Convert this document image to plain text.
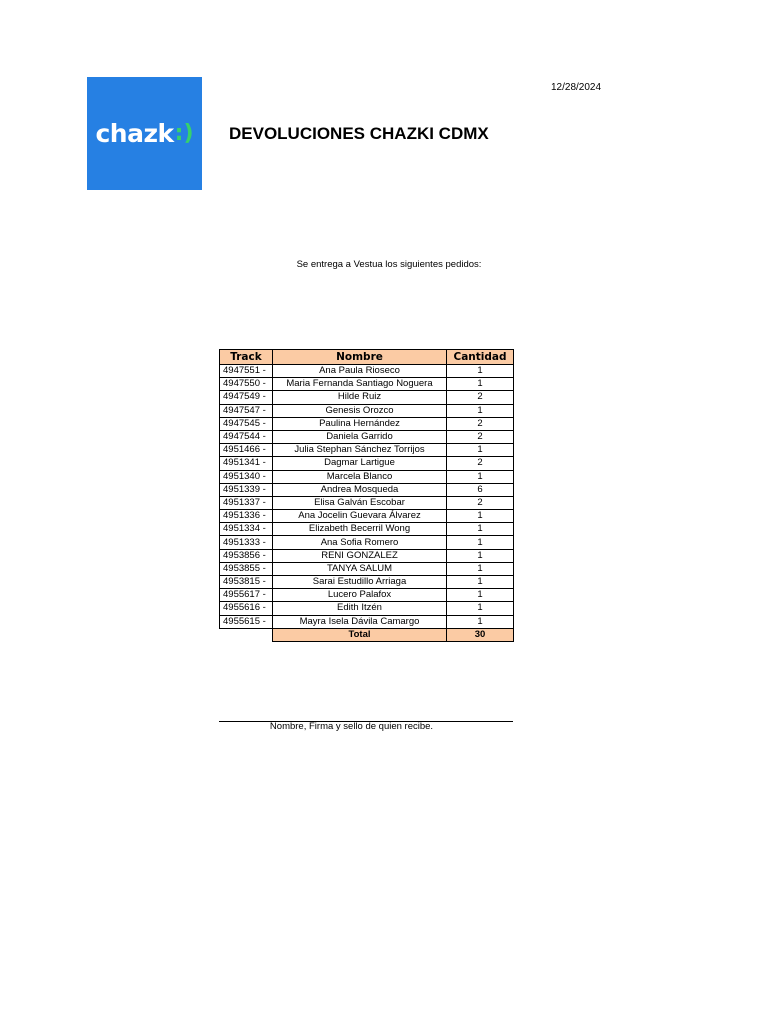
chazk :)
12/28/2024
DEVOLUCIONES CHAZKI CDMX
Se entrega a Vestua los siguientes pedidos:
Track	Nombre	Cantidad
4947551 -	Ana Paula Rioseco	1
4947550 -	Maria Fernanda Santiago Noguera	1
4947549 -	Hilde Ruiz	2
4947547 -	Genesis Orozco	1
4947545 -	Paulina Hernández	2
4947544 -	Daniela Garrido	2
4951466 -	Julia Stephan Sánchez Torrijos	1
4951341 -	Dagmar Lartigue	2
4951340 -	Marcela Blanco	1
4951339 -	Andrea Mosqueda	6
4951337 -	Elisa Galván Escobar	2
4951336 -	Ana Jocelin Guevara Álvarez	1
4951334 -	Elizabeth Becerril Wong	1
4951333 -	Ana Sofia Romero	1
4953856 -	RENI GONZALEZ	1
4953855 -	TANYA SALUM	1
4953815 -	Sarai Estudillo Arriaga	1
4955617 -	Lucero Palafox	1
4955616 -	Edith Itzén	1
4955615 -	Mayra Isela Dávila Camargo	1
	Total	30
Nombre, Firma y sello de quien recibe.
